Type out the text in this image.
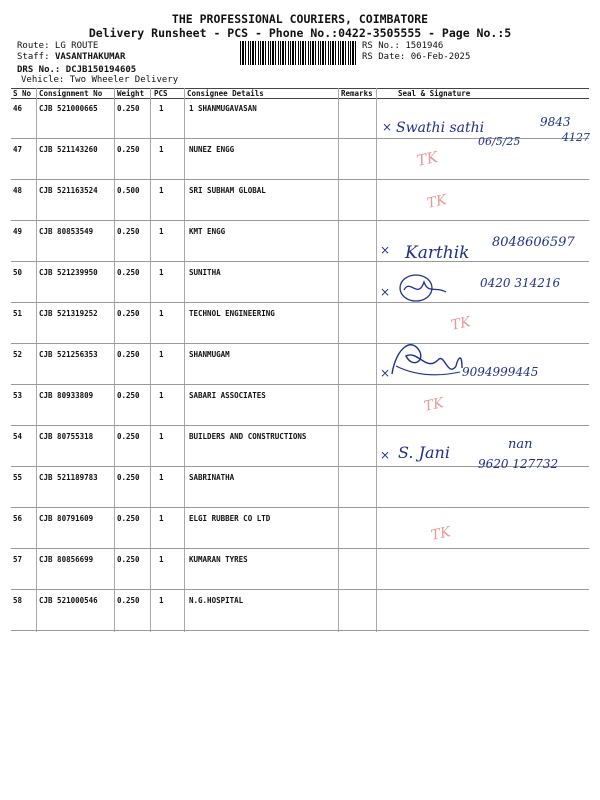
THE PROFESSIONAL COURIERS, COIMBATORE
Delivery Runsheet - PCS - Phone No.:0422-3505555 - Page No.:5
Route: LG ROUTE
Staff: VASANTHAKUMAR
DRS No.: DCJB150194605
Vehicle: Two Wheeler Delivery
RS No.: 1501946
RS Date: 06-Feb-2025
S No Consignment No Weight PCS	Consignee Details	Remarks	Seal & Signature
46 CJB 521000665	0.250	1	1 SHANMUGAVASAN
47 CJB 521143260	0.250	1	NUNEZ ENGG
48 CJB 521163524	0.500	1	SRI SUBHAM GLOBAL
49 CJB 80853549	0.250	1	KMT ENGG
50 CJB 521239950	0.250	1	SUNITHA
51 CJB 521319252	0.250	1	TECHNOL ENGINEERING
52 CJB 521256353	0.250	1	SHANMUGAM
53 CJB 80933809	0.250	1	SABARI ASSOCIATES
54 CJB 80755318	0.250	1	BUILDERS AND CONSTRUCTIONS
55 CJB 521189783	0.250	1	SABRINATHA
56 CJB 80791609	0.250	1	ELGI RUBBER CO LTD
57 CJB 80856699	0.250	1	KUMARAN TYRES
58 CJB 521000546	0.250	1	N.G.HOSPITAL
TK
TK
TK
TK
TK
× Swathi sathi
06/5/25
9843
4127
× Karthik
8048606597
×
0420 314216
×	9094999445
× S. Jani	nan
9620 127732
